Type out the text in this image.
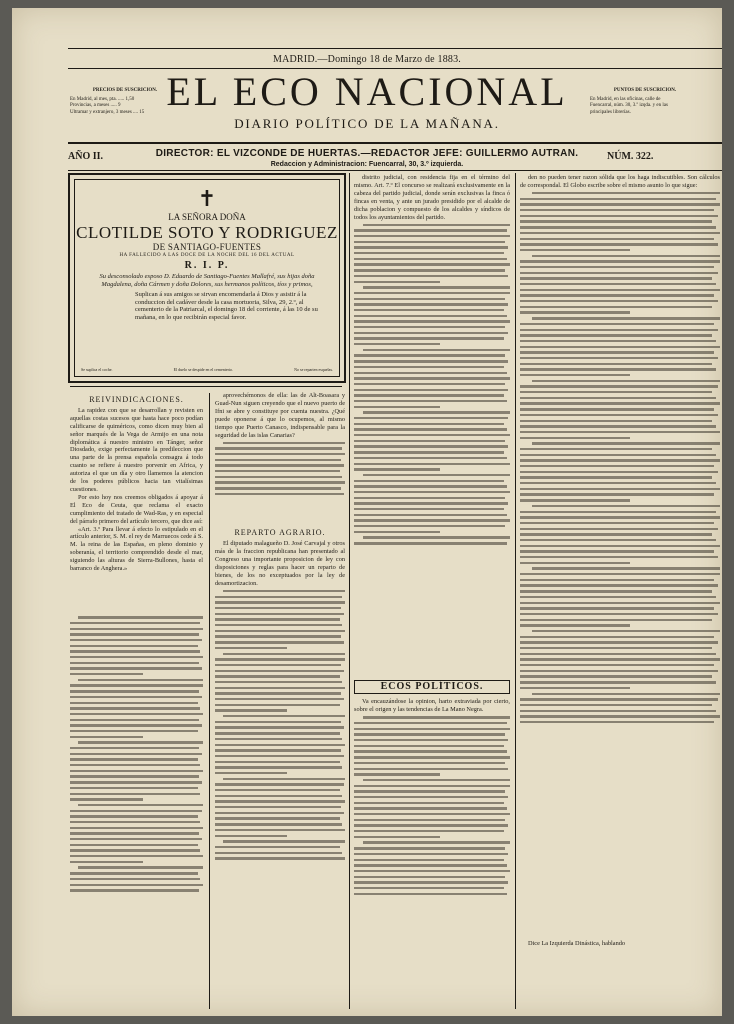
MADRID.—Domingo 18 de Marzo de 1883.
PRECIOS DE SUSCRICION.
En Madrid, al mes, pta. ..... 1,50
Provincias, a meses ..... 9
Ultramar y extranjero, 3 meses .... 15
PUNTOS DE SUSCRICION.
En Madrid, en las oficinas, calle de
Fuencarral, núm. 30, 3.º izqda. y en las
principales librerías.
EL ECO NACIONAL
DIARIO POLÍTICO DE LA MAÑANA.
AÑO II.	NÚM. 322.
DIRECTOR: EL VIZCONDE DE HUERTAS.—REDACTOR JEFE: GUILLERMO AUTRAN.
Redaccion y Administracion: Fuencarral, 30, 3.º izquierda.
✝
LA SEÑORA DOÑA
CLOTILDE SOTO Y RODRIGUEZ
DE SANTIAGO-FUENTES
HA FALLECIDO A LAS DOCE DE LA NOCHE DEL 16 DEL ACTUAL
R. I. P.
Su desconsolado esposo D. Eduardo de Santiago-Fuentes Mallafré, sus hijas doña Magdalena, doña Cármen y doña Dolores, sus hermanos políticos, tíos y primos,
Suplican á sus amigos se sirvan encomendarla á Dios y asistir á la conduccion del cadáver desde la casa mortuoria, Silva, 29, 2.º, al cementerio de la Patriarcal, el domingo 18 del corriente, á las 10 de su mañana, en lo que recibirán especial favor.
Se suplica el coche.	El duelo se despide en el cementerio.	No se reparten esquelas.
REIVINDICACIONES.

La rapidez con que se desarrollan y revisten en aquellas costas sucesos que hasta hace poco podían calificarse de quiméricos, como dicen muy bien al señor marqués de la Vega de Armijo en una nota diplomática á nuestro ministro en Tánger, señor Diosdado, exige perfectamente la predileccion que una parte de la prensa española consagra á todo cuanto se refiere á nuestro porvenir en Africa, y autoriza el que un día y otro llamemos la atencion de los poderes públicos hacia tan vitalísimas cuestiones.

Por esto hoy nos creemos obligados á apoyar á El Eco de Ceuta, que reclama el exacto cumplimiento del tratado de Wad-Ras, y en especial del párrafo primero del artículo tercero, que dice así:

«Art. 3.º Para llevar á efecto lo estipulado en el artículo anterior, S. M. el rey de Marruecos cede á S. M. la reina de las Españas, en pleno dominio y soberanía, el territorio comprendido desde el mar, siguiendo las alturas de Sierra-Bullones, hasta el barranco de Anghera.»

aprovechémonos de ella: las de Alt-Boasara y Guad-Nun siguen creyendo que el nuevo puerto de Ifni se abre y constituye por cuenta nuestra. ¿Qué puede oponerse á que lo ocupemos, al mismo tiempo que Puerto Canasco, indispensable para la seguridad de las islas Canarias?

REPARTO AGRARIO.

El diputado malagueño D. José Carvajal y otros más de la fraccion republicana han presentado al Congreso una importante proposicion de ley con disposiciones y reglas para hacer un reparto de bienes, de los no exceptuados por la ley de desamortizacion.

distrito judicial, con residencia fija en el término del mismo. Art. 7.º El concurso se realizará exclusivamente en la cabeza del partido judicial, donde serán exclusivas la finca ó fincas en venta, y ante un jurado presidido por el alcalde de dicha poblacion y compuesto de los alcaldes y síndicos de todos los ayuntamientos del partido.

ECOS POLÍTICOS.

Va encauzándose la opinion, harto extraviada por cierto, sobre el origen y las tendencias de La Mano Negra.

den no pueden tener razon sólida que los haga indiscutibles. Son cálculos de correspondal. El Globo escribe sobre el mismo asunto lo que sigue:

Dice La Izquierda Dinástica, hablando
